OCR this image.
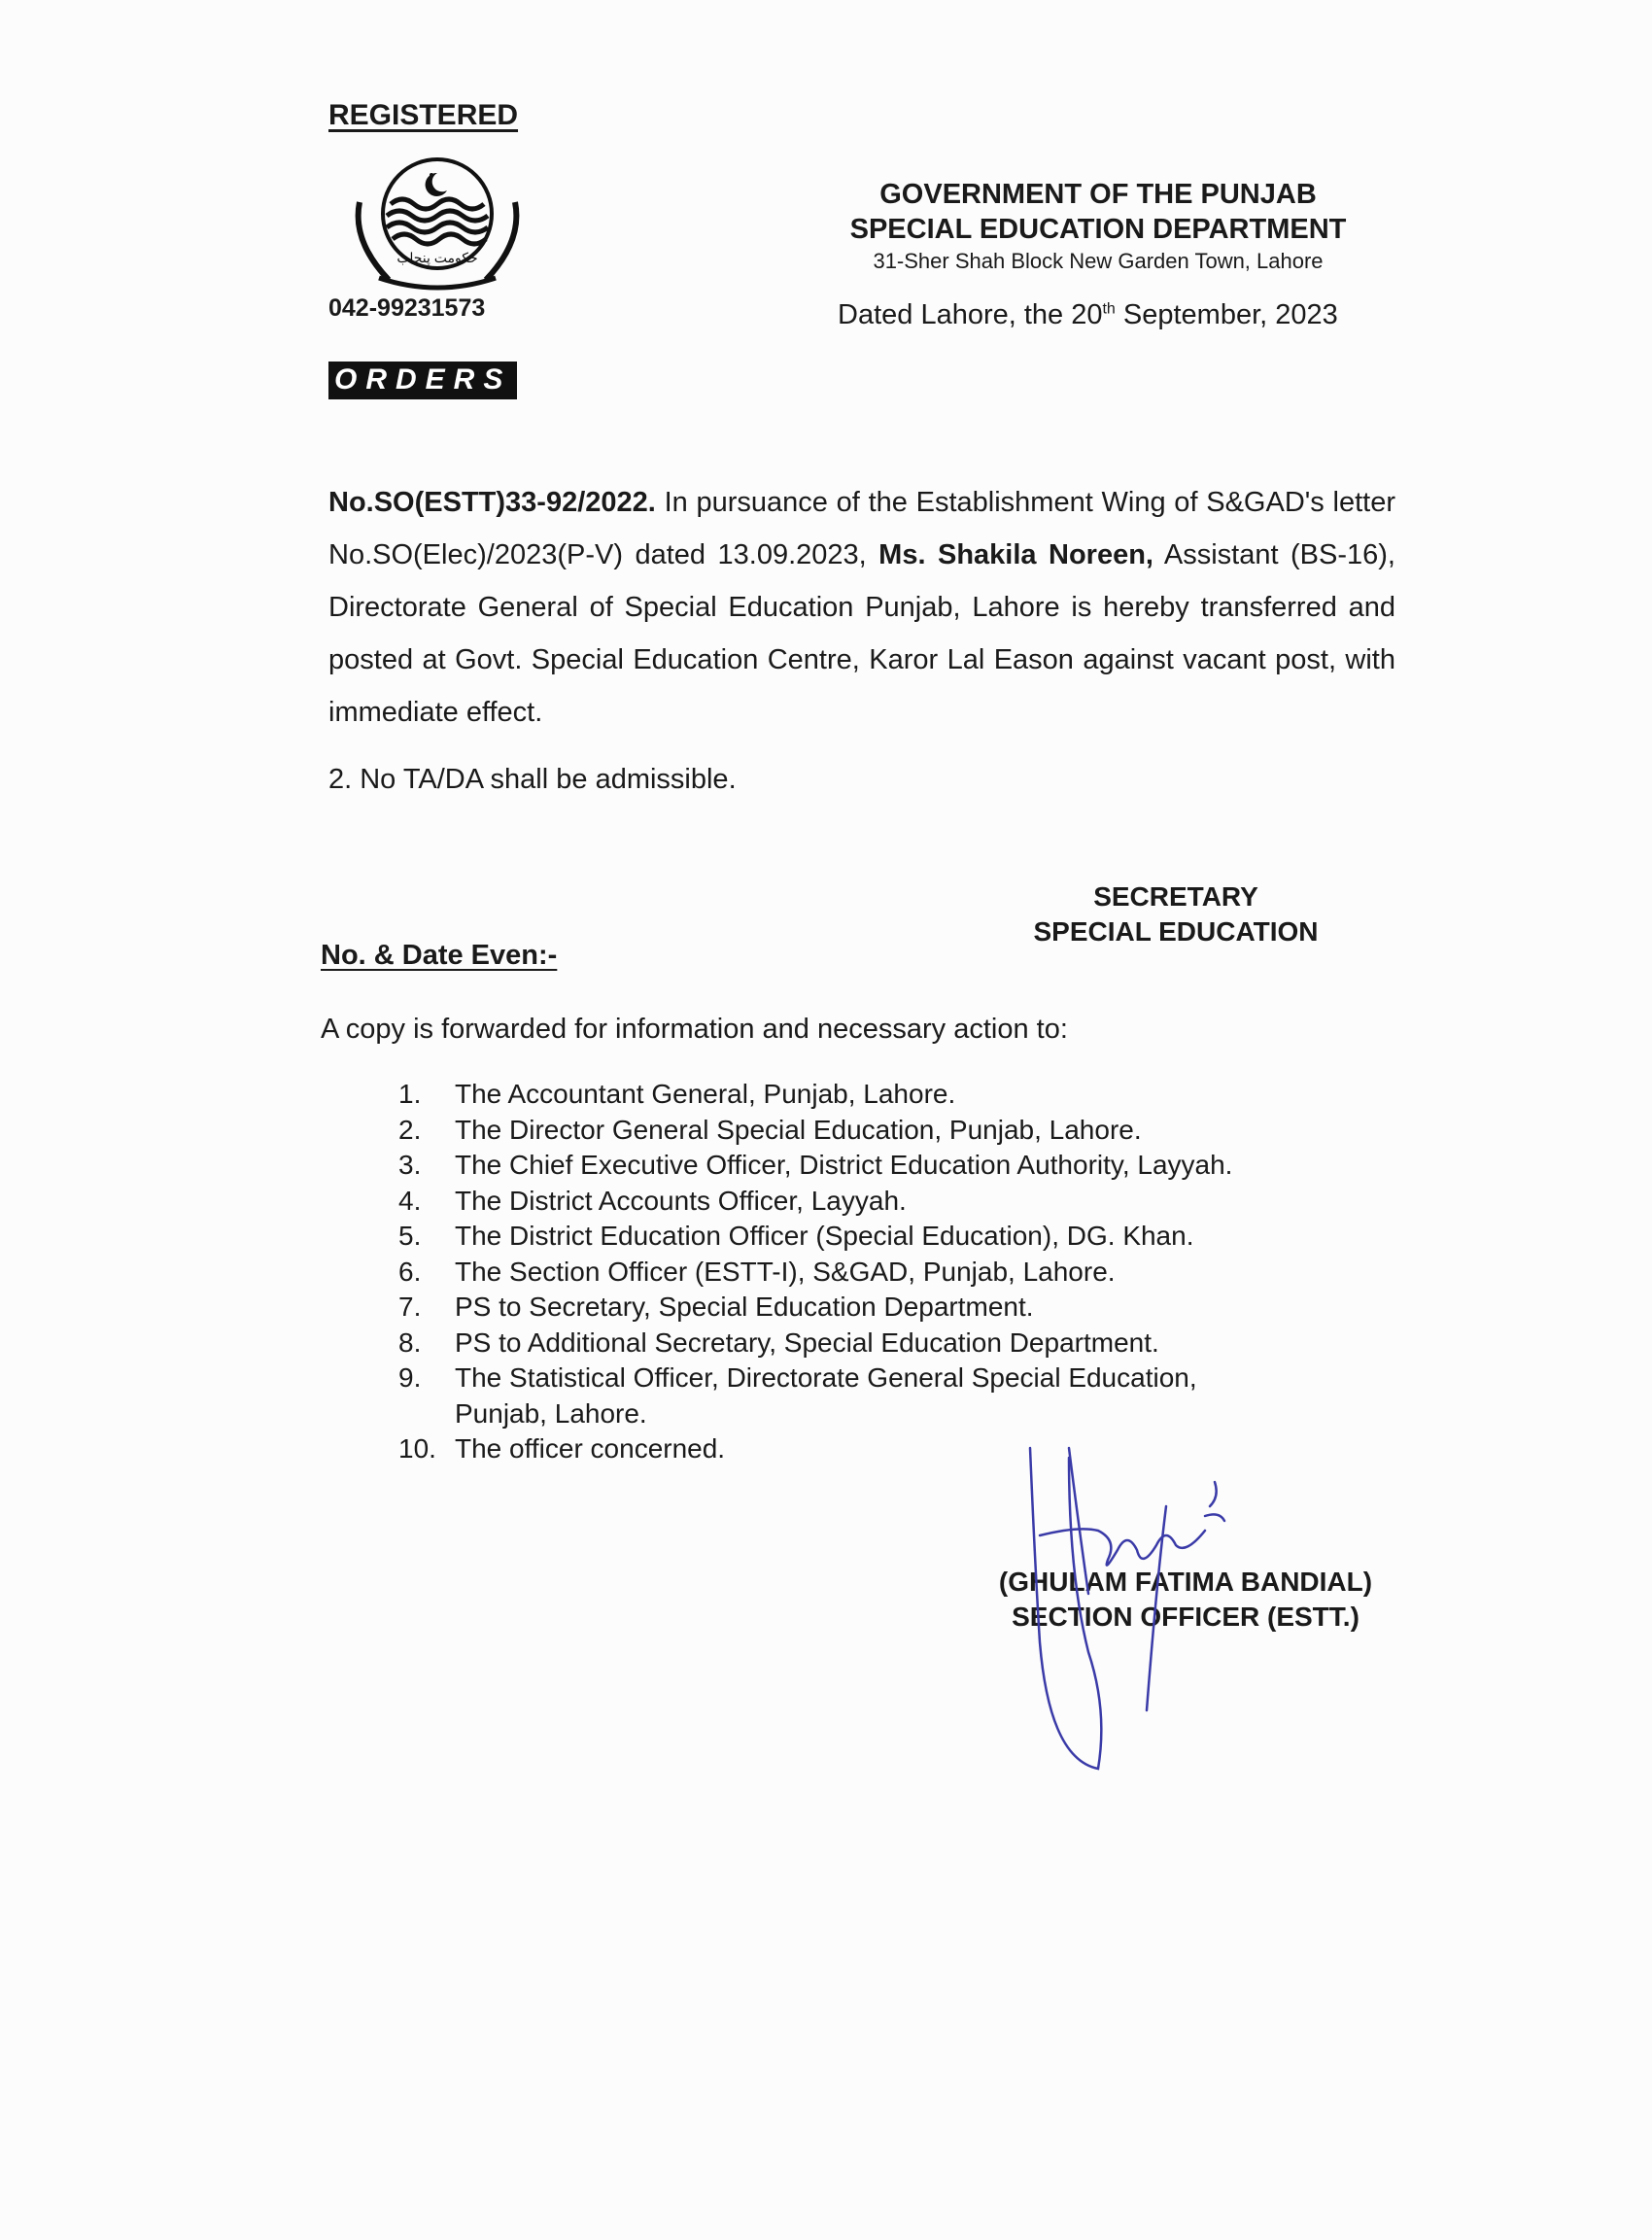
REGISTERED
حکومت پنجاب
042-99231573
ORDERS
GOVERNMENT OF THE PUNJAB
SPECIAL EDUCATION DEPARTMENT
31-Sher Shah Block New Garden Town, Lahore
Dated Lahore, the 20th September, 2023
No.SO(ESTT)33-92/2022. In pursuance of the Establishment Wing of S&GAD's letter No.SO(Elec)/2023(P-V) dated 13.09.2023, Ms. Shakila Noreen, Assistant (BS-16), Directorate General of Special Education Punjab, Lahore is hereby transferred and posted at Govt. Special Education Centre, Karor Lal Eason against vacant post, with immediate effect.
2. No TA/DA shall be admissible.
SECRETARY
SPECIAL EDUCATION
No. & Date Even:-
A copy is forwarded for information and necessary action to:
1.	The Accountant General, Punjab, Lahore.
2.	The Director General Special Education, Punjab, Lahore.
3.	The Chief Executive Officer, District Education Authority, Layyah.
4.	The District Accounts Officer, Layyah.
5.	The District Education Officer (Special Education), DG. Khan.
6.	The Section Officer (ESTT-I), S&GAD, Punjab, Lahore.
7.	PS to Secretary, Special Education Department.
8.	PS to Additional Secretary, Special Education Department.
9.	The Statistical Officer, Directorate General Special Education,
Punjab, Lahore.
10. The officer concerned.
(GHULAM FATIMA BANDIAL)
SECTION OFFICER (ESTT.)
